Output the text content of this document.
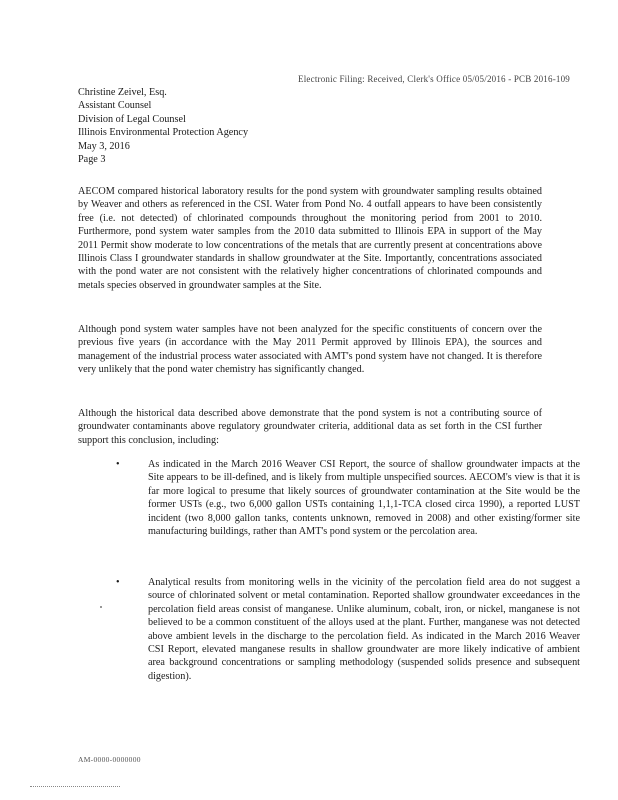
Electronic Filing: Received, Clerk's Office 05/05/2016 - PCB 2016-109
Christine Zeivel, Esq.
Assistant Counsel
Division of Legal Counsel
Illinois Environmental Protection Agency
May 3, 2016
Page 3
AECOM compared historical laboratory results for the pond system with groundwater sampling results obtained by Weaver and others as referenced in the CSI. Water from Pond No. 4 outfall appears to have been consistently free (i.e. not detected) of chlorinated compounds throughout the monitoring period from 2001 to 2010. Furthermore, pond system water samples from the 2010 data submitted to Illinois EPA in support of the May 2011 Permit show moderate to low concentrations of the metals that are currently present at concentrations above Illinois Class I groundwater standards in shallow groundwater at the Site. Importantly, concentrations associated with the pond water are not consistent with the relatively higher concentrations of chlorinated compounds and metals species observed in groundwater samples at the Site.
Although pond system water samples have not been analyzed for the specific constituents of concern over the previous five years (in accordance with the May 2011 Permit approved by Illinois EPA), the sources and management of the industrial process water associated with AMT's pond system have not changed. It is therefore very unlikely that the pond water chemistry has significantly changed.
Although the historical data described above demonstrate that the pond system is not a contributing source of groundwater contaminants above regulatory groundwater criteria, additional data as set forth in the CSI further support this conclusion, including:
•	As indicated in the March 2016 Weaver CSI Report, the source of shallow groundwater impacts at the Site appears to be ill-defined, and is likely from multiple unspecified sources. AECOM's view is that it is far more logical to presume that likely sources of groundwater contamination at the Site would be the former USTs (e.g., two 6,000 gallon USTs containing 1,1,1-TCA closed circa 1990), a reported LUST incident (two 8,000 gallon tanks, contents unknown, removed in 2008) and other existing/former site manufacturing buildings, rather than AMT's pond system or the percolation area.
•	Analytical results from monitoring wells in the vicinity of the percolation field area do not suggest a source of chlorinated solvent or metal contamination. Reported shallow groundwater exceedances in the percolation field areas consist of manganese. Unlike aluminum, cobalt, iron, or nickel, manganese is not believed to be a common constituent of the alloys used at the plant. Further, manganese was not detected above ambient levels in the discharge to the percolation field. As indicated in the March 2016 Weaver CSI Report, elevated manganese results in shallow groundwater are more likely indicative of ambient area background concentrations or sampling methodology (suspended solids presence and subsequent digestion).
AM-0000-0000000
